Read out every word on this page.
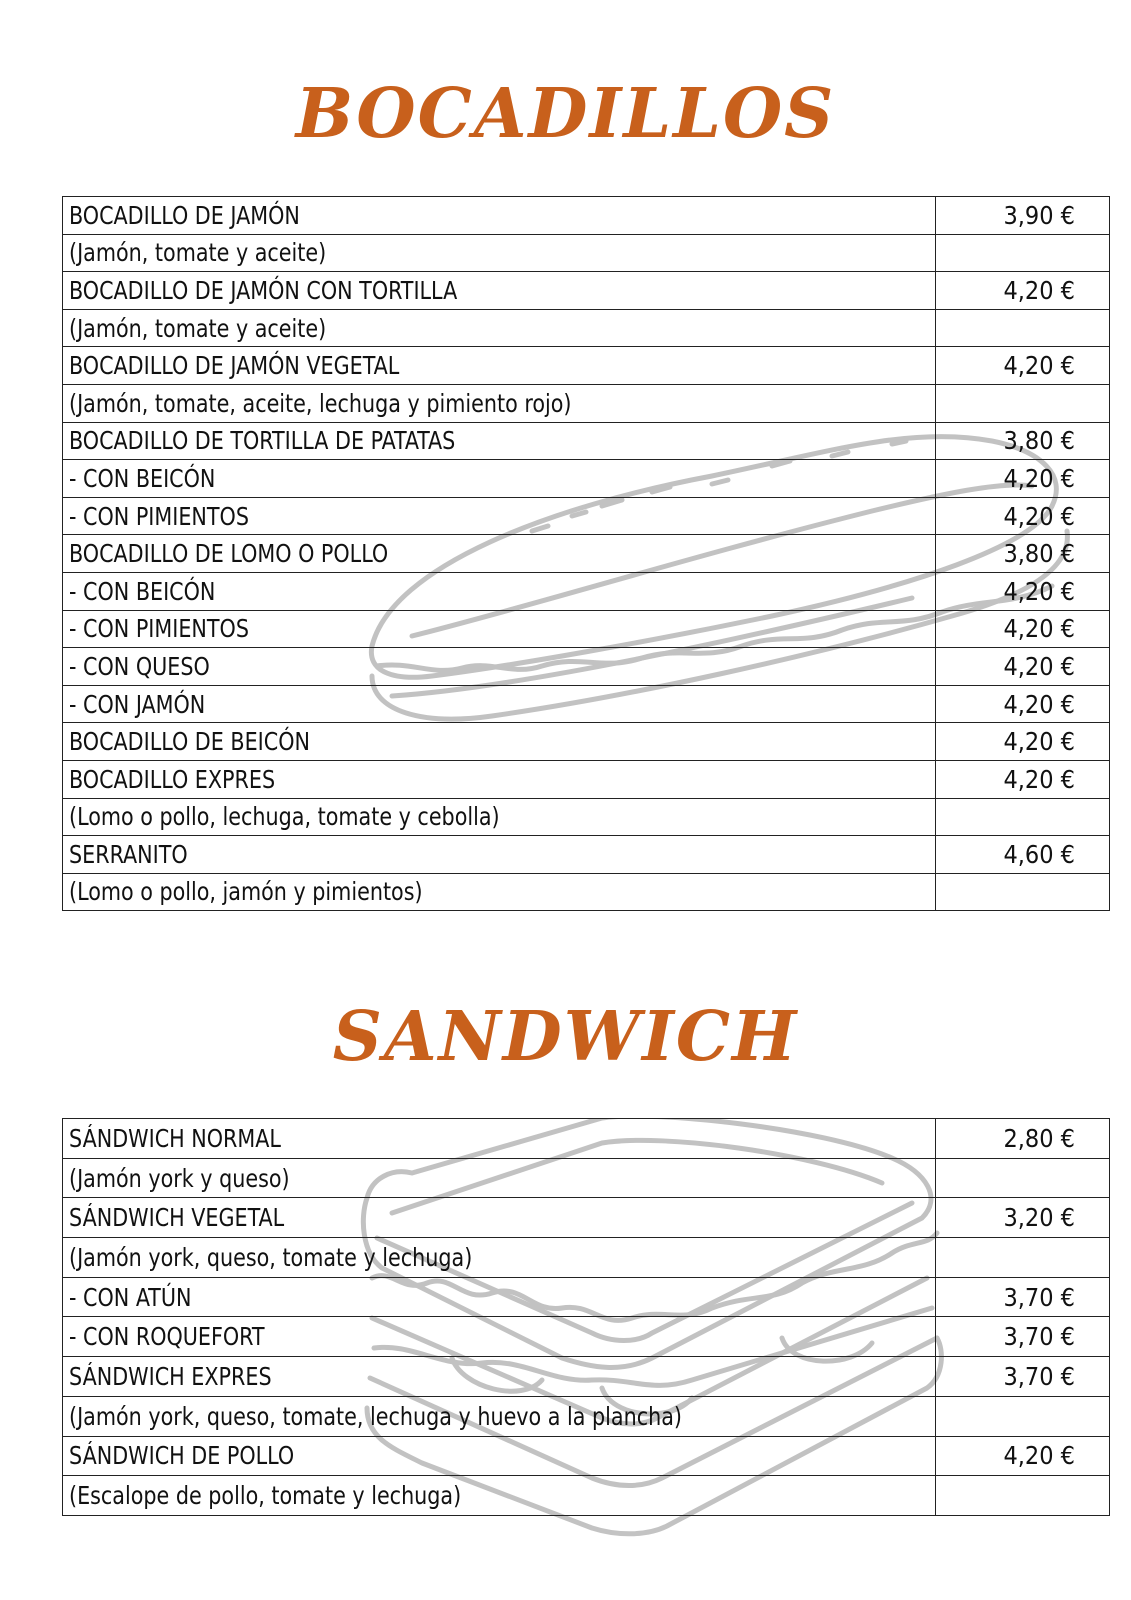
BOCADILLOS
BOCADILLO DE JAMÓN	3,90 €
(Jamón, tomate y aceite)	
BOCADILLO DE JAMÓN CON TORTILLA	4,20 €
(Jamón, tomate y aceite)	
BOCADILLO DE JAMÓN VEGETAL	4,20 €
(Jamón, tomate, aceite, lechuga y pimiento rojo)	
BOCADILLO DE TORTILLA DE PATATAS	3,80 €
- CON BEICÓN	4,20 €
- CON PIMIENTOS	4,20 €
BOCADILLO DE LOMO O POLLO	3,80 €
- CON BEICÓN	4,20 €
- CON PIMIENTOS	4,20 €
- CON QUESO	4,20 €
- CON JAMÓN	4,20 €
BOCADILLO DE BEICÓN	4,20 €
BOCADILLO EXPRES	4,20 €
(Lomo o pollo, lechuga, tomate y cebolla)	
SERRANITO	4,60 €
(Lomo o pollo, jamón y pimientos)	
SANDWICH
SÁNDWICH NORMAL	2,80 €
(Jamón york y queso)	
SÁNDWICH VEGETAL	3,20 €
(Jamón york, queso, tomate y lechuga)	
- CON ATÚN	3,70 €
- CON ROQUEFORT	3,70 €
SÁNDWICH EXPRES	3,70 €
(Jamón york, queso, tomate, lechuga y huevo a la plancha)	
SÁNDWICH DE POLLO	4,20 €
(Escalope de pollo, tomate y lechuga)	
